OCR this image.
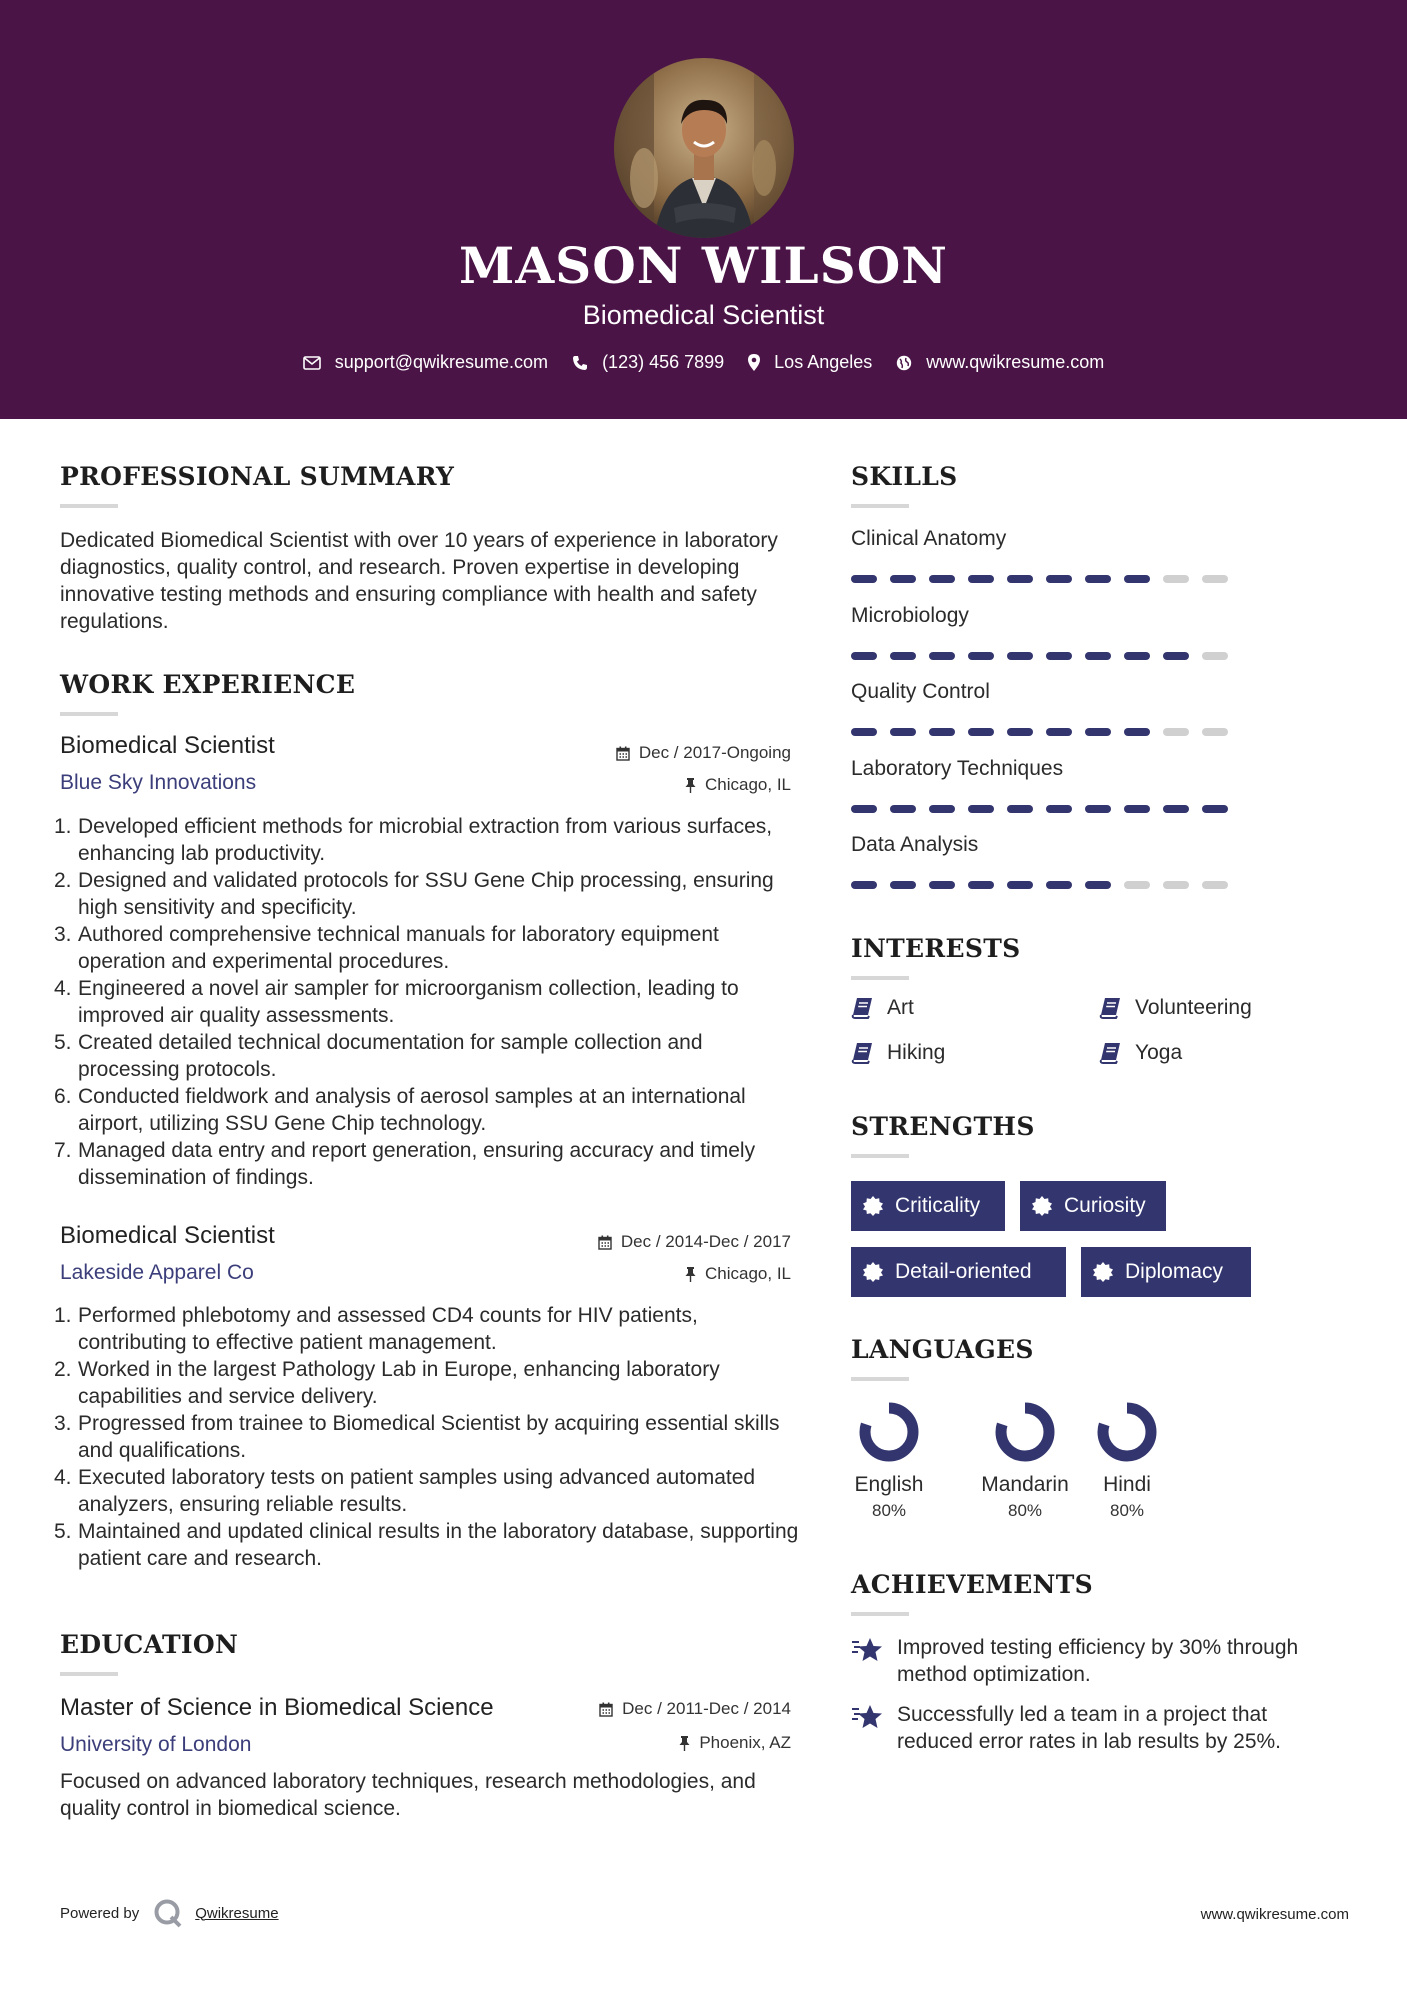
MASON WILSON
Biomedical Scientist
support@qwikresume.com	(123) 456 7899	Los Angeles	www.qwikresume.com
PROFESSIONAL SUMMARY
Dedicated Biomedical Scientist with over 10 years of experience in laboratory diagnostics, quality control, and research. Proven expertise in developing innovative testing methods and ensuring compliance with health and safety regulations.
WORK EXPERIENCE
Biomedical Scientist	Dec / 2017-Ongoing
Blue Sky Innovations	Chicago, IL
1. Developed efficient methods for microbial extraction from various surfaces, enhancing lab productivity.
2. Designed and validated protocols for SSU Gene Chip processing, ensuring high sensitivity and specificity.
3. Authored comprehensive technical manuals for laboratory equipment operation and experimental procedures.
4. Engineered a novel air sampler for microorganism collection, leading to improved air quality assessments.
5. Created detailed technical documentation for sample collection and processing protocols.
6. Conducted fieldwork and analysis of aerosol samples at an international airport, utilizing SSU Gene Chip technology.
7. Managed data entry and report generation, ensuring accuracy and timely dissemination of findings.
Biomedical Scientist	Dec / 2014-Dec / 2017
Lakeside Apparel Co	Chicago, IL
1. Performed phlebotomy and assessed CD4 counts for HIV patients, contributing to effective patient management.
2. Worked in the largest Pathology Lab in Europe, enhancing laboratory capabilities and service delivery.
3. Progressed from trainee to Biomedical Scientist by acquiring essential skills and qualifications.
4. Executed laboratory tests on patient samples using advanced automated analyzers, ensuring reliable results.
5. Maintained and updated clinical results in the laboratory database, supporting patient care and research.
EDUCATION
Master of Science in Biomedical Science	Dec / 2011-Dec / 2014
University of London	Phoenix, AZ
Focused on advanced laboratory techniques, research methodologies, and quality control in biomedical science.
SKILLS
Clinical Anatomy
Microbiology
Quality Control
Laboratory Techniques
Data Analysis
INTERESTS
Art	Volunteering
Hiking	Yoga
STRENGTHS
Criticality	Curiosity
Detail-oriented	Diplomacy
LANGUAGES
English
80%
Mandarin
80%
Hindi
80%
ACHIEVEMENTS
Improved testing efficiency by 30% through method optimization.
Successfully led a team in a project that reduced error rates in lab results by 25%.
Powered by	Qwikresume	www.qwikresume.com
